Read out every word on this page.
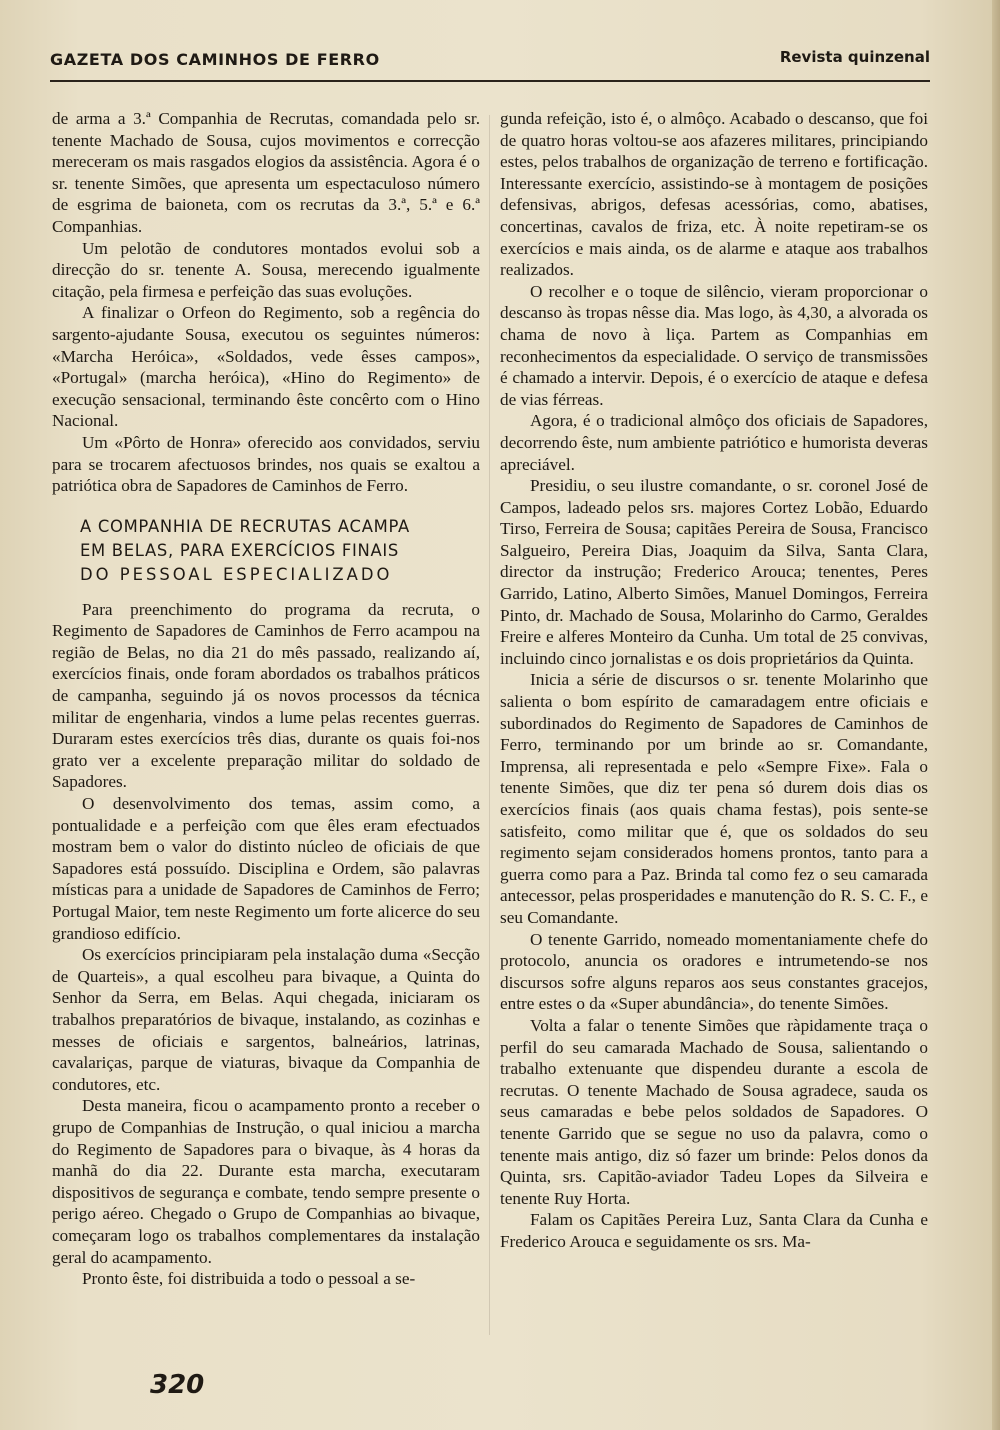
GAZETA DOS CAMINHOS DE FERRO	Revista quinzenal

de arma a 3.ª Companhia de Recrutas, comandada pelo sr. tenente Machado de Sousa, cujos movimentos e correcção mereceram os mais rasgados elogios da assistência. Agora é o sr. tenente Simões, que apresenta um espectaculoso número de esgrima de baioneta, com os recrutas da 3.ª, 5.ª e 6.ª Companhias.

Um pelotão de condutores montados evolui sob a direcção do sr. tenente A. Sousa, merecendo igualmente citação, pela firmesa e perfeição das suas evoluções.

A finalizar o Orfeon do Regimento, sob a regência do sargento-ajudante Sousa, executou os seguintes números: «Marcha Heróica», «Soldados, vede êsses campos», «Portugal» (marcha heróica), «Hino do Regimento» de execução sensacional, terminando êste concêrto com o Hino Nacional.

Um «Pôrto de Honra» oferecido aos convidados, serviu para se trocarem afectuosos brindes, nos quais se exaltou a patriótica obra de Sapadores de Caminhos de Ferro.

A COMPANHIA DE RECRUTAS ACAMPA
EM BELAS, PARA EXERCÍCIOS FINAIS
DO PESSOAL ESPECIALIZADO

Para preenchimento do programa da recruta, o Regimento de Sapadores de Caminhos de Ferro acampou na região de Belas, no dia 21 do mês passado, realizando aí, exercícios finais, onde foram abordados os trabalhos práticos de campanha, seguindo já os novos processos da técnica militar de engenharia, vindos a lume pelas recentes guerras. Duraram estes exercícios três dias, durante os quais foi-nos grato ver a excelente preparação militar do soldado de Sapadores.

O desenvolvimento dos temas, assim como, a pontualidade e a perfeição com que êles eram efectuados mostram bem o valor do distinto núcleo de oficiais de que Sapadores está possuído. Disciplina e Ordem, são palavras místicas para a unidade de Sapadores de Caminhos de Ferro; Portugal Maior, tem neste Regimento um forte alicerce do seu grandioso edifício.

Os exercícios principiaram pela instalação duma «Secção de Quarteis», a qual escolheu para bivaque, a Quinta do Senhor da Serra, em Belas. Aqui chegada, iniciaram os trabalhos preparatórios de bivaque, instalando, as cozinhas e messes de oficiais e sargentos, balneários, latrinas, cavalariças, parque de viaturas, bivaque da Companhia de condutores, etc.

Desta maneira, ficou o acampamento pronto a receber o grupo de Companhias de Instrução, o qual iniciou a marcha do Regimento de Sapadores para o bivaque, às 4 horas da manhã do dia 22. Durante esta marcha, executaram dispositivos de segurança e combate, tendo sempre presente o perigo aéreo. Chegado o Grupo de Companhias ao bivaque, começaram logo os trabalhos complementares da instalação geral do acampamento.

Pronto êste, foi distribuida a todo o pessoal a se-

gunda refeição, isto é, o almôço. Acabado o descanso, que foi de quatro horas voltou-se aos afazeres militares, principiando estes, pelos trabalhos de organização de terreno e fortificação. Interessante exercício, assistindo-se à montagem de posições defensivas, abrigos, defesas acessórias, como, abatises, concertinas, cavalos de friza, etc. À noite repetiram-se os exercícios e mais ainda, os de alarme e ataque aos trabalhos realizados.

O recolher e o toque de silêncio, vieram proporcionar o descanso às tropas nêsse dia. Mas logo, às 4,30, a alvorada os chama de novo à liça. Partem as Companhias em reconhecimentos da especialidade. O serviço de transmissões é chamado a intervir. Depois, é o exercício de ataque e defesa de vias férreas.

Agora, é o tradicional almôço dos oficiais de Sapadores, decorrendo êste, num ambiente patriótico e humorista deveras apreciável.

Presidiu, o seu ilustre comandante, o sr. coronel José de Campos, ladeado pelos srs. majores Cortez Lobão, Eduardo Tirso, Ferreira de Sousa; capitães Pereira de Sousa, Francisco Salgueiro, Pereira Dias, Joaquim da Silva, Santa Clara, director da instrução; Frederico Arouca; tenentes, Peres Garrido, Latino, Alberto Simões, Manuel Domingos, Ferreira Pinto, dr. Machado de Sousa, Molarinho do Carmo, Geraldes Freire e alferes Monteiro da Cunha. Um total de 25 convivas, incluindo cinco jornalistas e os dois proprietários da Quinta.

Inicia a série de discursos o sr. tenente Molarinho que salienta o bom espírito de camaradagem entre oficiais e subordinados do Regimento de Sapadores de Caminhos de Ferro, terminando por um brinde ao sr. Comandante, Imprensa, ali representada e pelo «Sempre Fixe». Fala o tenente Simões, que diz ter pena só durem dois dias os exercícios finais (aos quais chama festas), pois sente-se satisfeito, como militar que é, que os soldados do seu regimento sejam considerados homens prontos, tanto para a guerra como para a Paz. Brinda tal como fez o seu camarada antecessor, pelas prosperidades e manutenção do R. S. C. F., e seu Comandante.

O tenente Garrido, nomeado momentaniamente chefe do protocolo, anuncia os oradores e intrumetendo-se nos discursos sofre alguns reparos aos seus constantes gracejos, entre estes o da «Super abundância», do tenente Simões.

Volta a falar o tenente Simões que ràpidamente traça o perfil do seu camarada Machado de Sousa, salientando o trabalho extenuante que dispendeu durante a escola de recrutas. O tenente Machado de Sousa agradece, sauda os seus camaradas e bebe pelos soldados de Sapadores. O tenente Garrido que se segue no uso da palavra, como o tenente mais antigo, diz só fazer um brinde: Pelos donos da Quinta, srs. Capitão-aviador Tadeu Lopes da Silveira e tenente Ruy Horta.

Falam os Capitães Pereira Luz, Santa Clara da Cunha e Frederico Arouca e seguidamente os srs. Ma-

320
